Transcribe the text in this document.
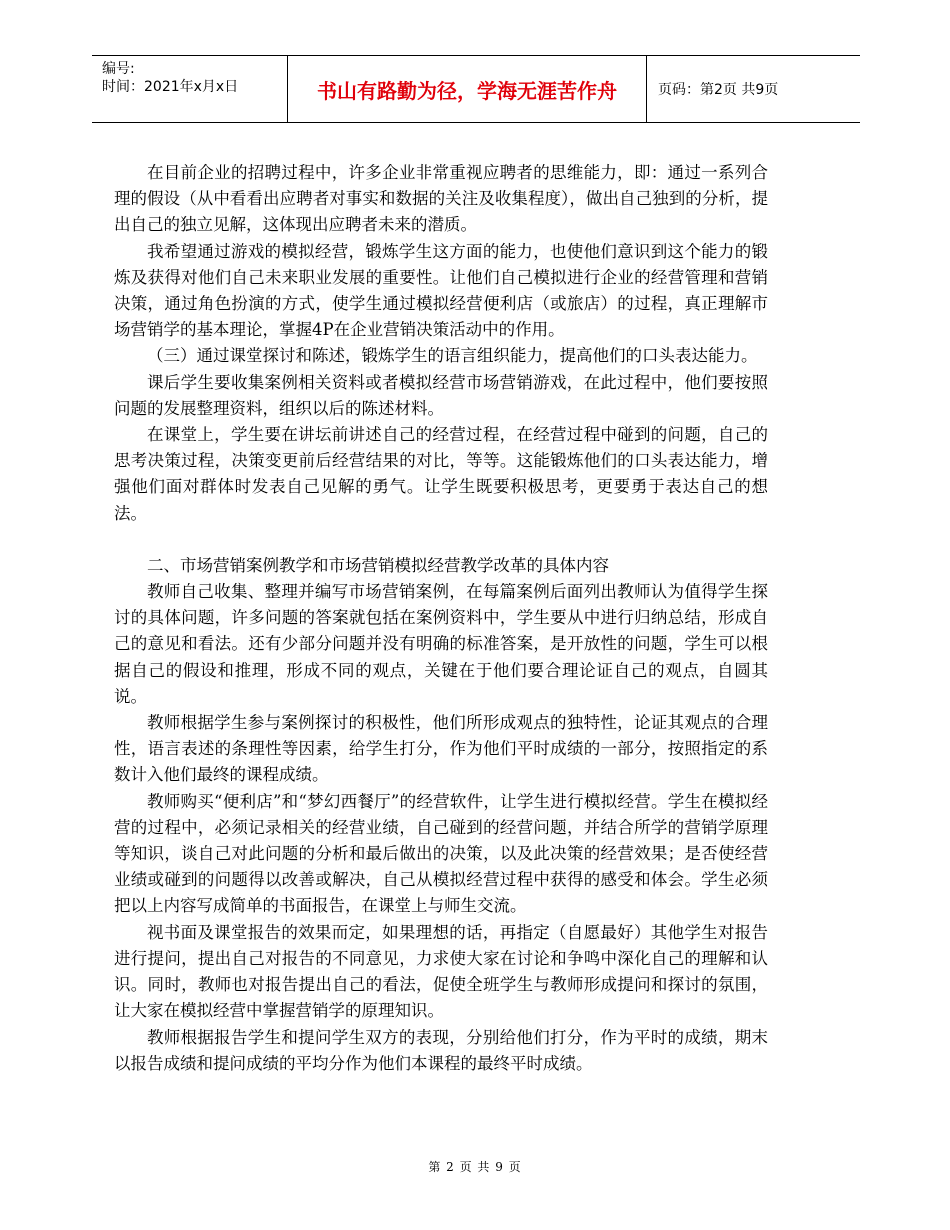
编号:
时间：2021年x月x日	书山有路勤为径，学海无涯苦作舟	页码：第2页 共9页

在目前企业的招聘过程中，许多企业非常重视应聘者的思维能力，即：通过一系列合理的假设（从中看看出应聘者对事实和数据的关注及收集程度），做出自己独到的分析，提出自己的独立见解，这体现出应聘者未来的潜质。

我希望通过游戏的模拟经营，锻炼学生这方面的能力，也使他们意识到这个能力的锻炼及获得对他们自己未来职业发展的重要性。让他们自己模拟进行企业的经营管理和营销决策，通过角色扮演的方式，使学生通过模拟经营便利店（或旅店）的过程，真正理解市场营销学的基本理论，掌握4P在企业营销决策活动中的作用。

（三）通过课堂探讨和陈述，锻炼学生的语言组织能力，提高他们的口头表达能力。

课后学生要收集案例相关资料或者模拟经营市场营销游戏，在此过程中，他们要按照问题的发展整理资料，组织以后的陈述材料。

在课堂上，学生要在讲坛前讲述自己的经营过程，在经营过程中碰到的问题，自己的思考决策过程，决策变更前后经营结果的对比，等等。这能锻炼他们的口头表达能力，增强他们面对群体时发表自己见解的勇气。让学生既要积极思考，更要勇于表达自己的想法。

二、市场营销案例教学和市场营销模拟经营教学改革的具体内容

教师自己收集、整理并编写市场营销案例，在每篇案例后面列出教师认为值得学生探讨的具体问题，许多问题的答案就包括在案例资料中，学生要从中进行归纳总结，形成自己的意见和看法。还有少部分问题并没有明确的标准答案，是开放性的问题，学生可以根据自己的假设和推理，形成不同的观点，关键在于他们要合理论证自己的观点，自圆其说。

教师根据学生参与案例探讨的积极性，他们所形成观点的独特性，论证其观点的合理性，语言表述的条理性等因素，给学生打分，作为他们平时成绩的一部分，按照指定的系数计入他们最终的课程成绩。

教师购买“便利店”和“梦幻西餐厅”的经营软件，让学生进行模拟经营。学生在模拟经营的过程中，必须记录相关的经营业绩，自己碰到的经营问题，并结合所学的营销学原理等知识，谈自己对此问题的分析和最后做出的决策，以及此决策的经营效果；是否使经营业绩或碰到的问题得以改善或解决，自己从模拟经营过程中获得的感受和体会。学生必须把以上内容写成简单的书面报告，在课堂上与师生交流。

视书面及课堂报告的效果而定，如果理想的话，再指定（自愿最好）其他学生对报告进行提问，提出自己对报告的不同意见，力求使大家在讨论和争鸣中深化自己的理解和认识。同时，教师也对报告提出自己的看法，促使全班学生与教师形成提问和探讨的氛围，让大家在模拟经营中掌握营销学的原理知识。

教师根据报告学生和提问学生双方的表现，分别给他们打分，作为平时的成绩，期末以报告成绩和提问成绩的平均分作为他们本课程的最终平时成绩。

第 2 页 共 9 页
